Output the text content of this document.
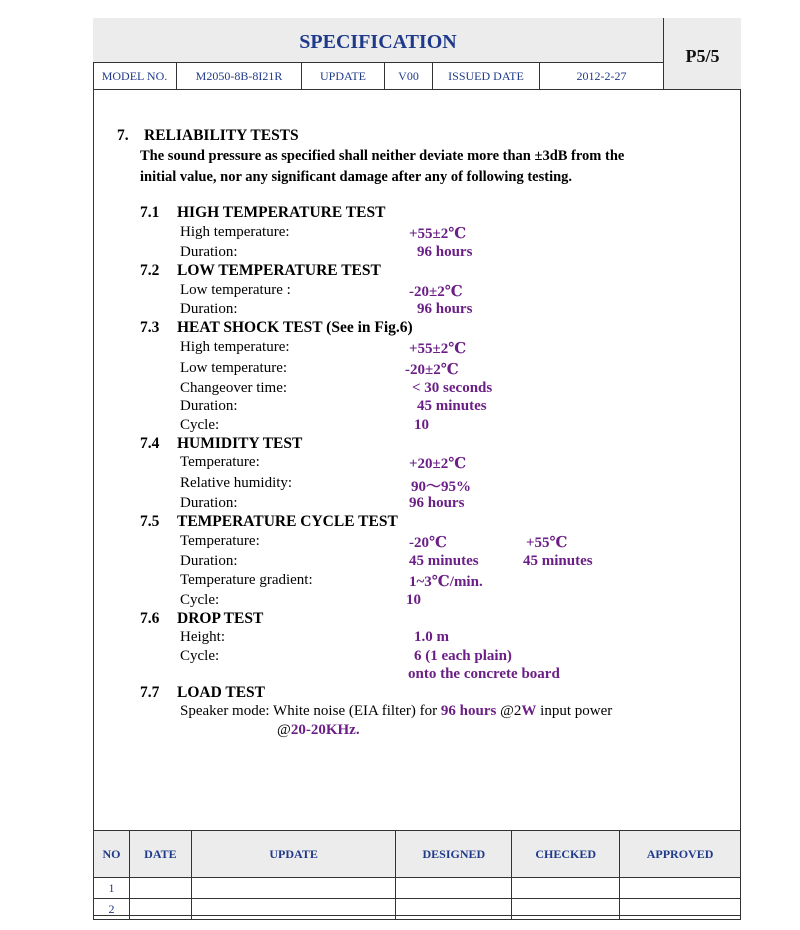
SPECIFICATION
P5/5
MODEL NO.	M2050-8B-8I21R	UPDATE	V00	ISSUED DATE	2012-2-27
7. RELIABILITY TESTS
The sound pressure as specified shall neither deviate more than ±3dB from the
initial value, nor any significant damage after any of following testing.
7.1 HIGH TEMPERATURE TEST
High temperature:	+55±2℃
Duration:	96 hours
7.2 LOW TEMPERATURE TEST
Low temperature :	-20±2℃
Duration:	96 hours
7.3 HEAT SHOCK TEST (See in Fig.6)
High temperature:	+55±2℃
Low temperature:	-20±2℃
Changeover time:	< 30 seconds
Duration:	45 minutes
Cycle:	10
7.4 HUMIDITY TEST
Temperature:	+20±2℃
Relative humidity:	90～95%
Duration:	96 hours
7.5 TEMPERATURE CYCLE TEST
Temperature:	-20℃	+55℃
Duration:	45 minutes	45 minutes
Temperature gradient:	1~3℃/min.
Cycle:	10
7.6 DROP TEST
Height:	1.0 m
Cycle:	6 (1 each plain)
onto the concrete board
7.7 LOAD TEST
Speaker mode: White noise (EIA filter) for 96 hours @2W input power
@20-20KHz.
NO	DATE	UPDATE	DESIGNED	CHECKED	APPROVED
1					
2					
